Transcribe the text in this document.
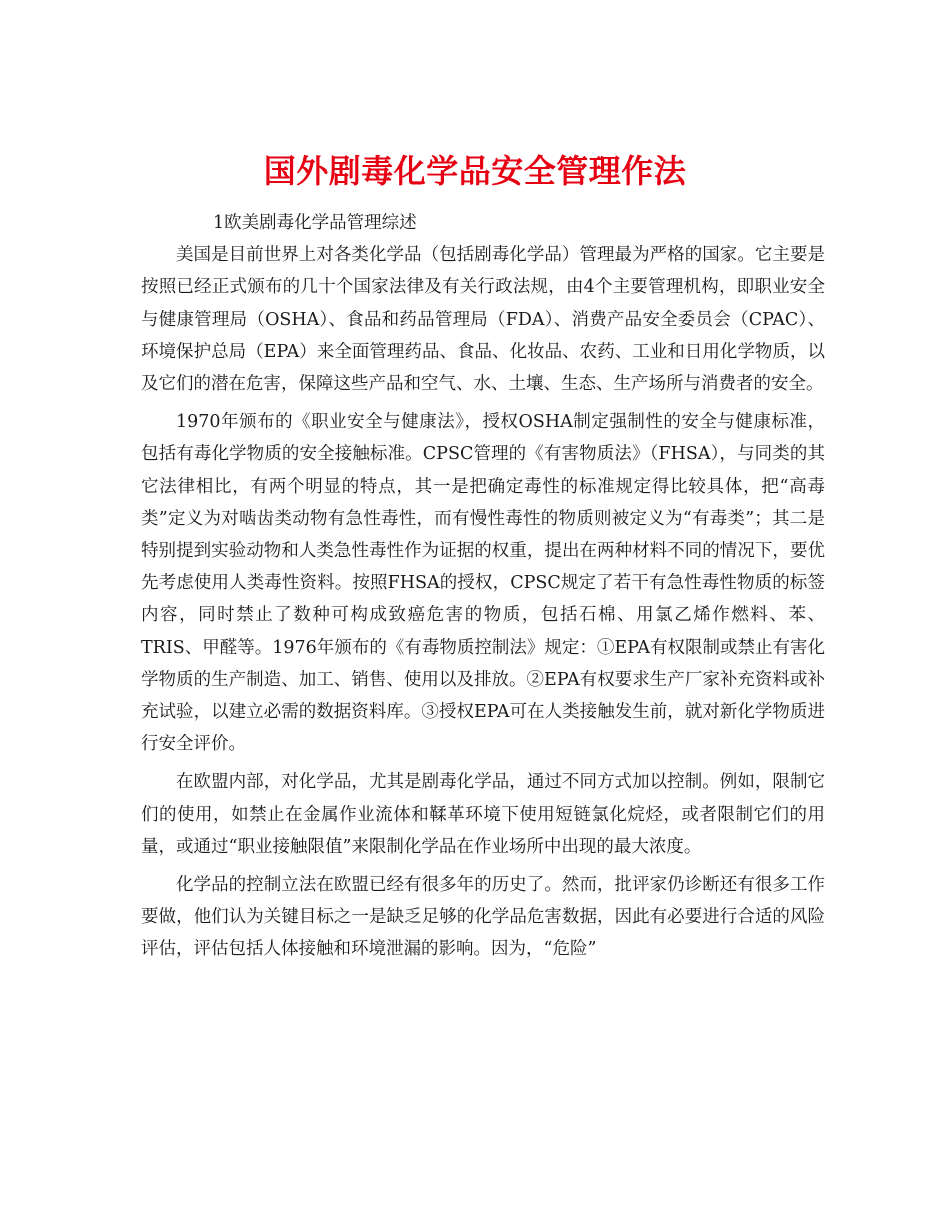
国外剧毒化学品安全管理作法

1欧美剧毒化学品管理综述

美国是目前世界上对各类化学品（包括剧毒化学品）管理最为严格的国家。它主要是按照已经正式颁布的几十个国家法律及有关行政法规，由4个主要管理机构，即职业安全与健康管理局（OSHA）、食品和药品管理局（FDA）、消费产品安全委员会（CPAC）、环境保护总局（EPA）来全面管理药品、食品、化妆品、农药、工业和日用化学物质，以及它们的潜在危害，保障这些产品和空气、水、土壤、生态、生产场所与消费者的安全。

1970年颁布的《职业安全与健康法》，授权OSHA制定强制性的安全与健康标准，包括有毒化学物质的安全接触标准。CPSC管理的《有害物质法》（FHSA），与同类的其它法律相比，有两个明显的特点，其一是把确定毒性的标准规定得比较具体，把“高毒类”定义为对啮齿类动物有急性毒性，而有慢性毒性的物质则被定义为“有毒类”；其二是特别提到实验动物和人类急性毒性作为证据的权重，提出在两种材料不同的情况下，要优先考虑使用人类毒性资料。按照FHSA的授权，CPSC规定了若干有急性毒性物质的标签内容，同时禁止了数种可构成致癌危害的物质，包括石棉、用氯乙烯作燃料、苯、TRIS、甲醛等。1976年颁布的《有毒物质控制法》规定：①EPA有权限制或禁止有害化学物质的生产制造、加工、销售、使用以及排放。②EPA有权要求生产厂家补充资料或补充试验，以建立必需的数据资料库。③授权EPA可在人类接触发生前，就对新化学物质进行安全评价。

在欧盟内部，对化学品，尤其是剧毒化学品，通过不同方式加以控制。例如，限制它们的使用，如禁止在金属作业流体和鞣革环境下使用短链氯化烷烃，或者限制它们的用量，或通过“职业接触限值”来限制化学品在作业场所中出现的最大浓度。

化学品的控制立法在欧盟已经有很多年的历史了。然而，批评家仍诊断还有很多工作要做，他们认为关键目标之一是缺乏足够的化学品危害数据，因此有必要进行合适的风险评估，评估包括人体接触和环境泄漏的影响。因为，“危险”
